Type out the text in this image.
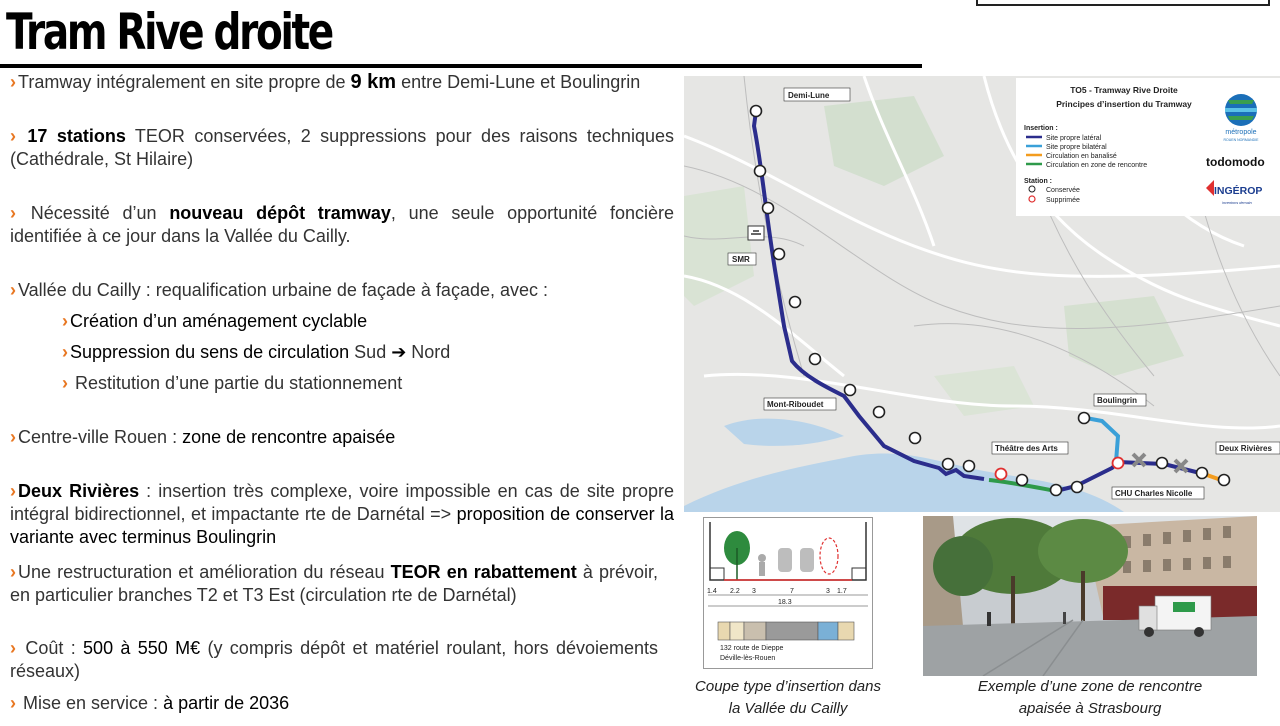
Tram Rive droite
› Tramway intégralement en site propre de 9 km entre Demi-Lune et Boulingrin
› 17 stations TEOR conservées, 2 suppressions pour des raisons techniques (Cathédrale, St Hilaire)
› Nécessité d’un nouveau dépôt tramway, une seule opportunité foncière identifiée à ce jour dans la Vallée du Cailly.
› Vallée du Cailly : requalification urbaine de façade à façade, avec :
› Création d’un aménagement cyclable
› Suppression du sens de circulation Sud ➔ Nord
› Restitution d’une partie du stationnement
› Centre-ville Rouen : zone de rencontre apaisée
› Deux Rivières : insertion très complexe, voire impossible en cas de site propre intégral bidirectionnel, et impactante rte de Darnétal => proposition de conserver la variante avec terminus Boulingrin
› Une restructuration et amélioration du réseau TEOR en rabattement à prévoir, en particulier branches T2 et T3 Est (circulation rte de Darnétal)
› Coût : 500 à 550 M€ (y compris dépôt et matériel roulant, hors dévoiements réseaux)
› Mise en service : à partir de 2036
Demi-Lune
SMR
Mont-Riboudet
Théâtre des Arts
Boulingrin
Deux Rivières
CHU Charles Nicolle
TO5 - Tramway Rive Droite
Principes d’insertion du Tramway
Insertion :
Site propre latéral
Site propre bilatéral
Circulation en banalisé
Circulation en zone de rencontre
Station :
Conservée
Supprimée
métropole
ROUEN NORMANDIE
todomodo
INGÉROP
inventons demain
1.4 2.2 3	7	3 1.7
18.3
132 route de Dieppe
Déville-lès-Rouen
Coupe type d’insertion dans
la Vallée du Cailly
Exemple d’une zone de rencontre
apaisée à Strasbourg
